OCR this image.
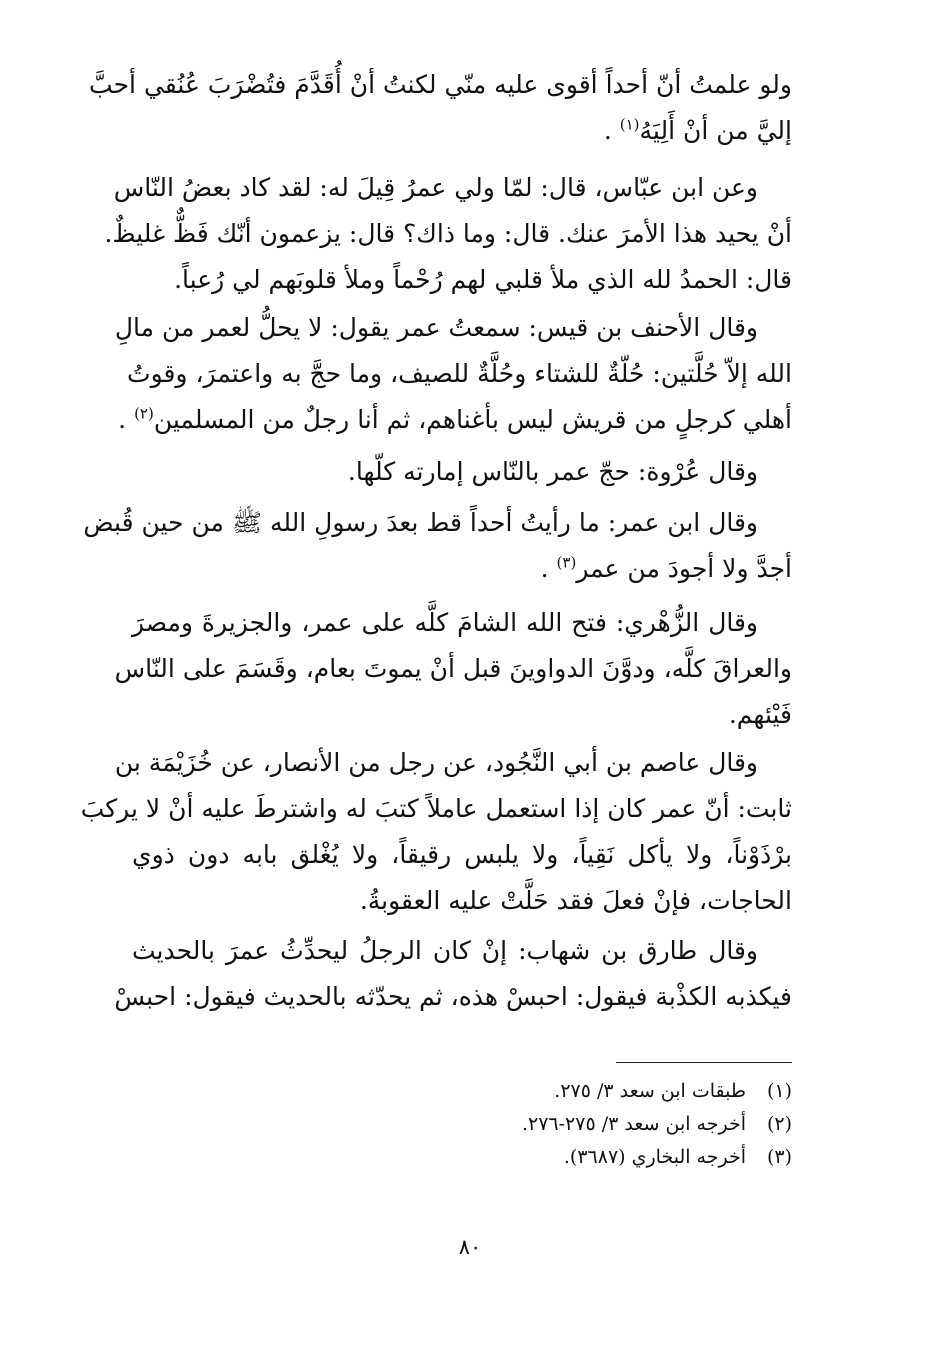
ولو علمتُ أنّ أحداً أقوى عليه منّي لكنتُ أنْ أُقَدَّمَ فتُضْرَبَ عُنُقي أحبَّ
إليَّ من أنْ أَلِيَهُ$^{(١)}$ .
وعن ابن عبّاس، قال: لمّا ولي عمرُ قِيلَ له: لقد كاد بعضُ النّاس
أنْ يحيد هذا الأمرَ عنك. قال: وما ذاك؟ قال: يزعمون أنّك فَظٌّ غليظٌ.
قال: الحمدُ لله الذي ملأ قلبي لهم رُحْماً وملأ قلوبَهم لي رُعباً.
وقال الأحنف بن قيس: سمعتُ عمر يقول: لا يحلُّ لعمر من مالِ
الله إلاّ حُلَّتين: حُلّةٌ للشتاء وحُلَّةٌ للصيف، وما حجَّ به واعتمرَ، وقوتُ
أهلي كرجلٍ من قريش ليس بأغناهم، ثم أنا رجلٌ من المسلمين$^{(٢)}$ .
وقال عُرْوة: حجّ عمر بالنّاس إمارته كلّها.
وقال ابن عمر: ما رأيتُ أحداً قط بعدَ رسولِ الله ﷺ من حين قُبض
أجدَّ ولا أجودَ من عمر$^{(٣)}$ .
وقال الزُّهْري: فتح الله الشامَ كلَّه على عمر، والجزيرةَ ومصرَ
والعراقَ كلَّه، ودوَّنَ الدواوينَ قبل أنْ يموتَ بعام، وقَسَمَ على النّاس
فَيْئهم.
وقال عاصم بن أبي النَّجُود، عن رجل من الأنصار، عن خُزَيْمَة بن
ثابت: أنّ عمر كان إذا استعمل عاملاً كتبَ له واشترطَ عليه أنْ لا يركبَ
برْذَوْناً، ولا يأكل نَقِياً، ولا يلبس رقيقاً، ولا يُغْلق بابه دون ذوي
الحاجات، فإنْ فعلَ فقد حَلَّتْ عليه العقوبةُ.
وقال طارق بن شهاب: إنْ كان الرجلُ ليحدِّثُ عمرَ بالحديث
فيكذبه الكذْبة فيقول: احبسْ هذه، ثم يحدّثه بالحديث فيقول: احبسْ
(١)
طبقات ابن سعد ٣/ ٢٧٥.
(٢)
أخرجه ابن سعد ٣/ ٢٧٥-٢٧٦.
(٣)
أخرجه البخاري (٣٦٨٧).
٨٠
